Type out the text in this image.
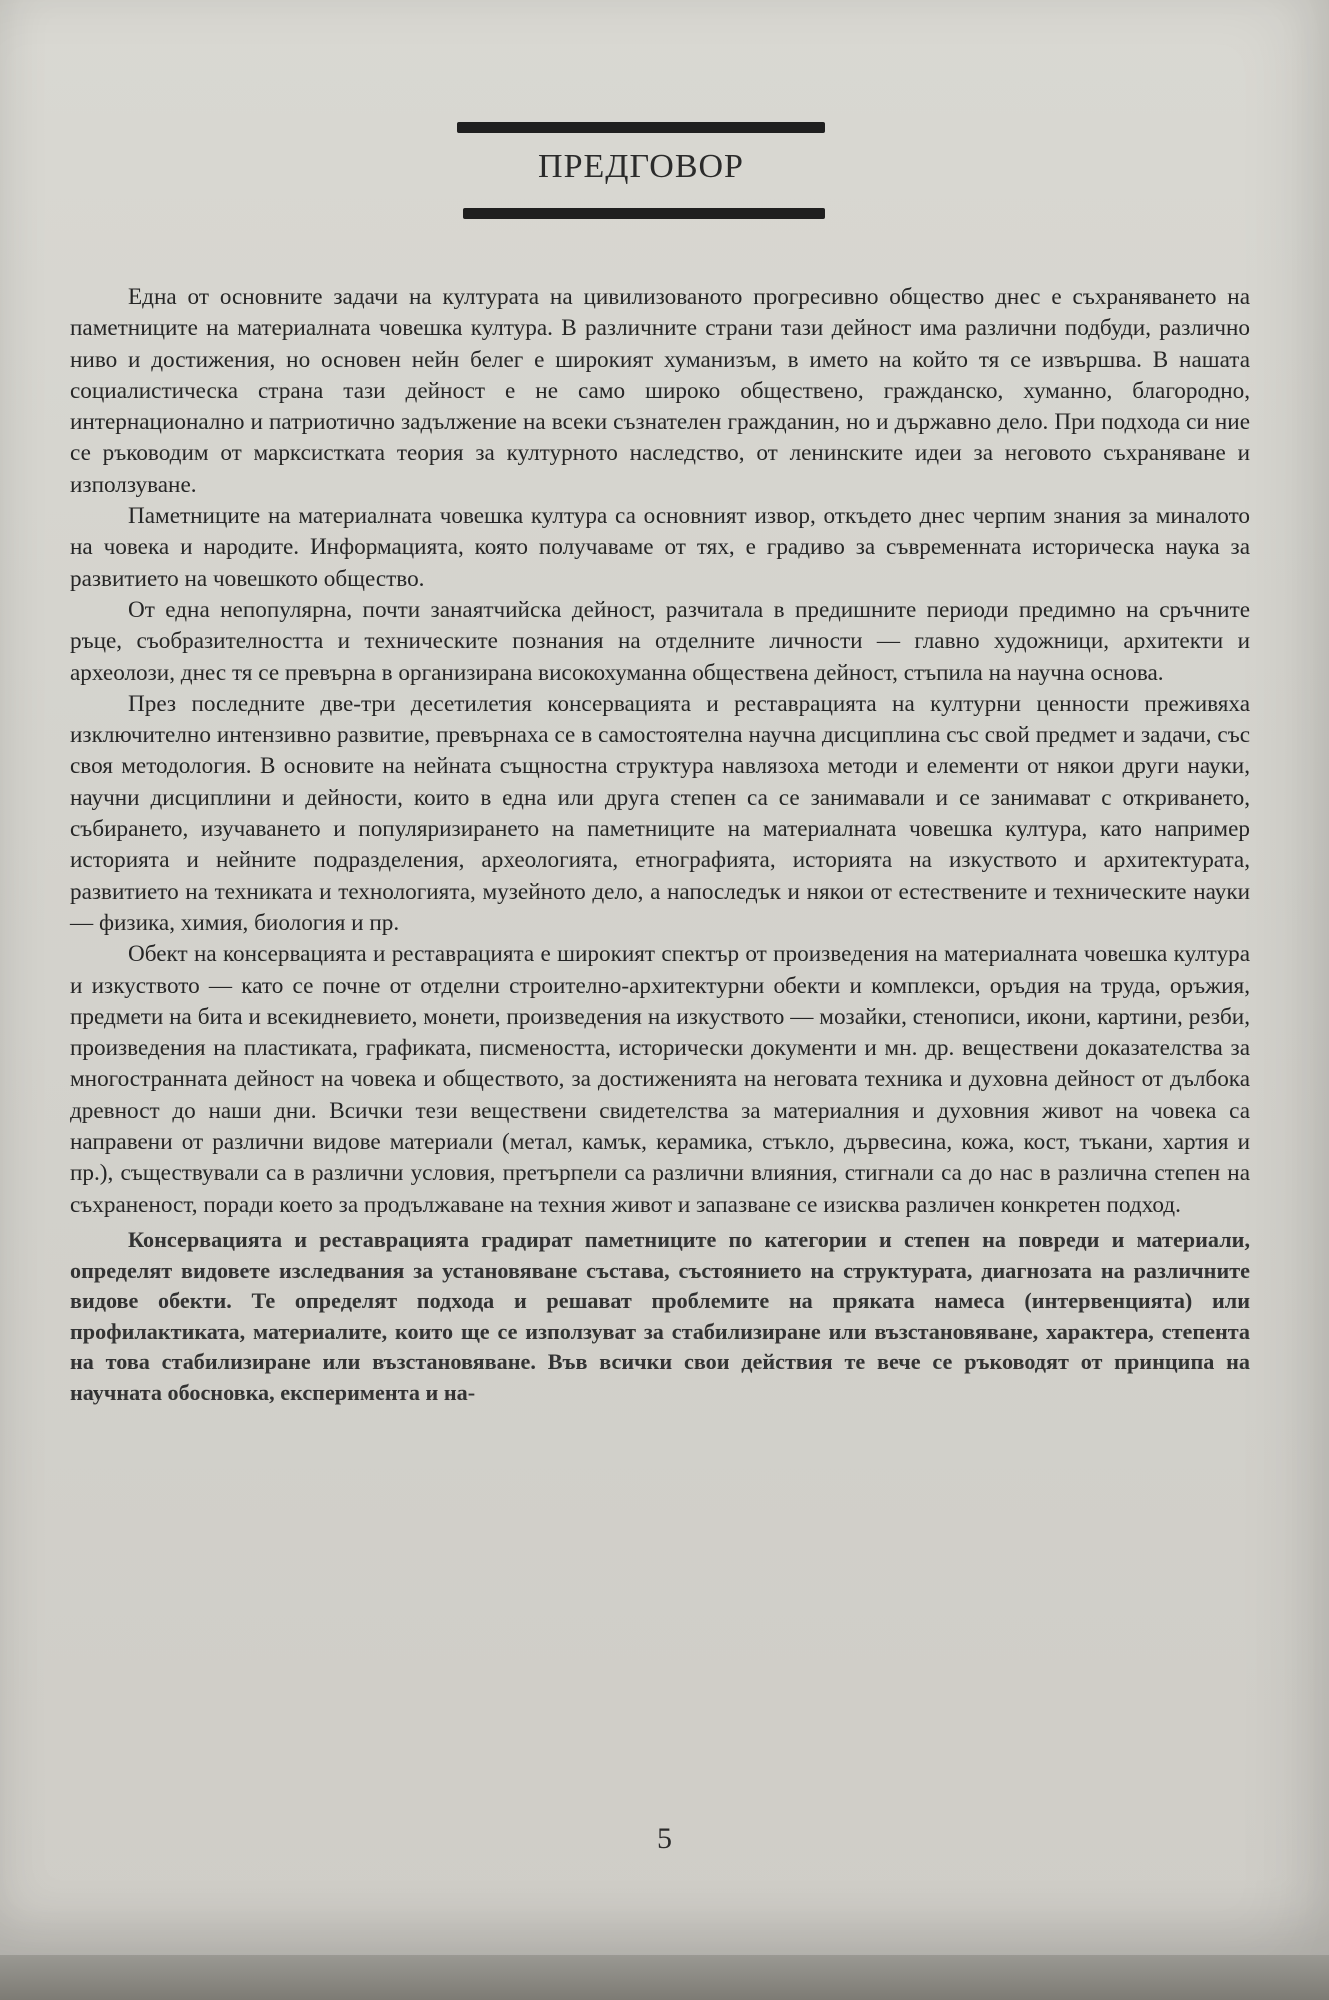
ПРЕДГОВОР

Една от основните задачи на културата на цивилизованото прогресивно общество днес е съхраняването на паметниците на материалната човешка култура. В различните страни тази дейност има различни подбуди, различно ниво и достижения, но основен нейн белег е широкият хуманизъм, в името на който тя се извършва. В нашата социалистическа страна тази дейност е не само широко обществено, гражданско, хуманно, благородно, интернационално и патриотично задължение на всеки съзнателен гражданин, но и държавно дело. При подхода си ние се ръководим от марксистката теория за културното наследство, от ленинските идеи за неговото съхраняване и използуване.

Паметниците на материалната човешка култура са основният извор, откъдето днес черпим знания за миналото на човека и народите. Информацията, която получаваме от тях, е градиво за съвременната историческа наука за развитието на човешкото общество.

От една непопулярна, почти занаятчийска дейност, разчитала в предишните периоди предимно на сръчните ръце, съобразителността и техническите познания на отделните личности — главно художници, архитекти и археолози, днес тя се превърна в организирана високохуманна обществена дейност, стъпила на научна основа.

През последните две-три десетилетия консервацията и реставрацията на културни ценности преживяха изключително интензивно развитие, превърнаха се в самостоятелна научна дисциплина със свой предмет и задачи, със своя методология. В основите на нейната същностна структура навлязоха методи и елементи от някои други науки, научни дисциплини и дейности, които в една или друга степен са се занимавали и се занимават с откриването, събирането, изучаването и популяризирането на паметниците на материалната човешка култура, като например историята и нейните подразделения, археологията, етнографията, историята на изкуството и архитектурата, развитието на техниката и технологията, музейното дело, а напоследък и някои от естествените и техническите науки — физика, химия, биология и пр.

Обект на консервацията и реставрацията е широкият спектър от произведения на материалната човешка култура и изкуството — като се почне от отделни строително-архитектурни обекти и комплекси, оръдия на труда, оръжия, предмети на бита и всекидневието, монети, произведения на изкуството — мозайки, стенописи, икони, картини, резби, произведения на пластиката, графиката, писмеността, исторически документи и мн. др. веществени доказателства за многостранната дейност на човека и обществото, за достиженията на неговата техника и духовна дейност от дълбока древност до наши дни. Всички тези веществени свидетелства за материалния и духовния живот на човека са направени от различни видове материали (метал, камък, керамика, стъкло, дървесина, кожа, кост, тъкани, хартия и пр.), съществували са в различни условия, претърпели са различни влияния, стигнали са до нас в различна степен на съхраненост, поради което за продължаване на техния живот и запазване се изисква различен конкретен подход.

Консервацията и реставрацията градират паметниците по категории и степен на повреди и материали, определят видовете изследвания за установяване състава, състоянието на структурата, диагнозата на различните видове обекти. Те определят подхода и решават проблемите на пряката намеса (интервенцията) или профилактиката, материалите, които ще се използуват за стабилизиране или възстановяване, характера, степента на това стабилизиране или възстановяване. Във всички свои действия те вече се ръководят от принципа на научната обосновка, експеримента и на-

5
